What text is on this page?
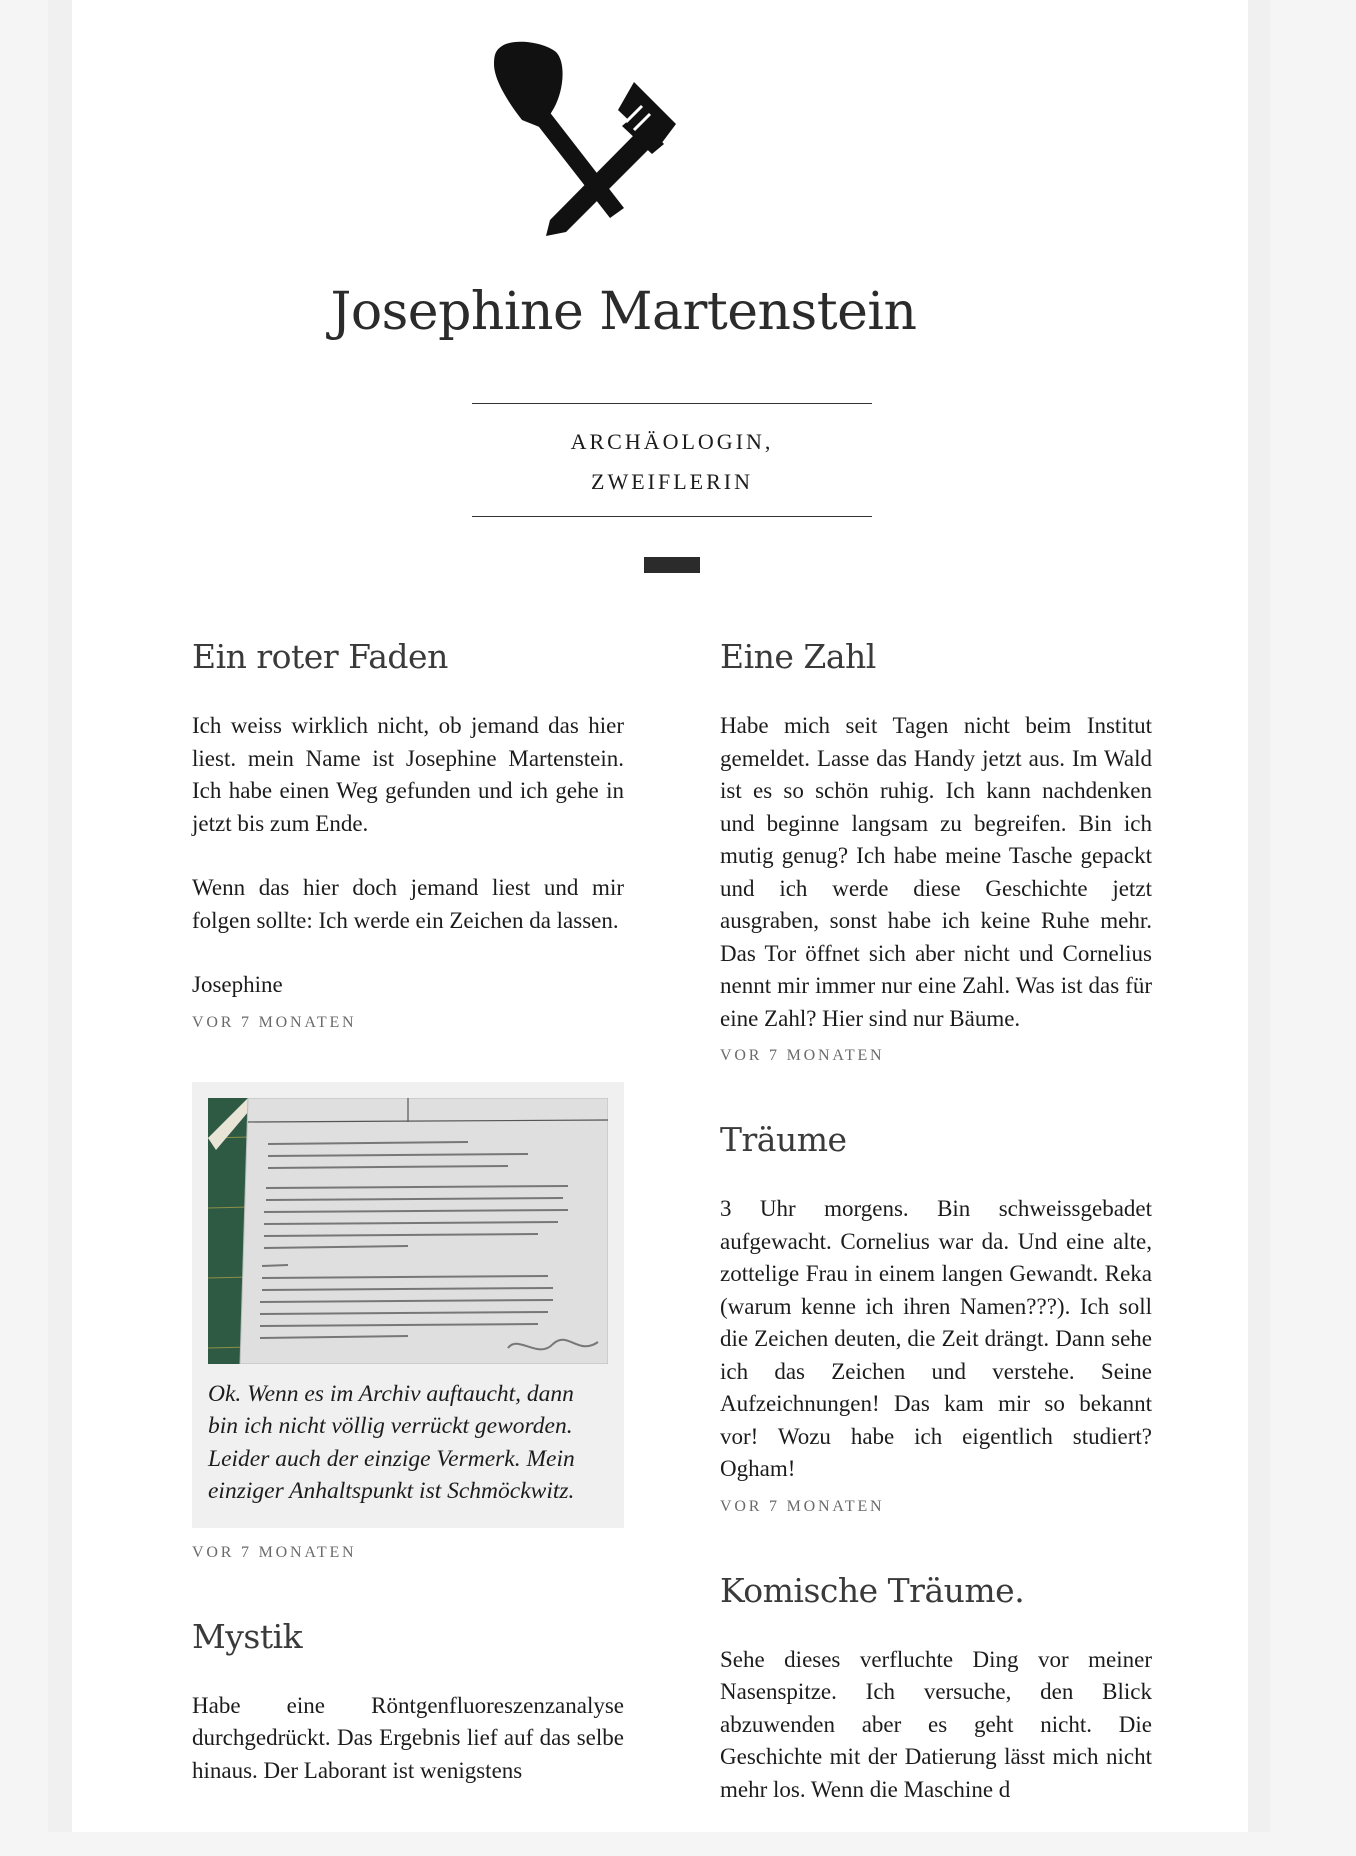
Josephine Martenstein
ARCHÄOLOGIN,
ZWEIFLERIN
Ein roter Faden

Ich weiss wirklich nicht, ob jemand das hier liest. mein Name ist Josephine Martenstein. Ich habe einen Weg gefunden und ich gehe in jetzt bis zum Ende.

Wenn das hier doch jemand liest und mir folgen sollte: Ich werde ein Zeichen da lassen.

Josephine

VOR 7 MONATEN
Ok. Wenn es im Archiv auftaucht, dann bin ich nicht völlig verrückt geworden. Leider auch der einzige Vermerk. Mein einziger Anhaltspunkt ist Schmöckwitz.
VOR 7 MONATEN
Mystik

Habe eine Röntgenfluoreszenzanalyse durchgedrückt. Das Ergebnis lief auf das selbe hinaus. Der Laborant ist wenigstens

Eine Zahl

Habe mich seit Tagen nicht beim Institut gemeldet. Lasse das Handy jetzt aus. Im Wald ist es so schön ruhig. Ich kann nachdenken und beginne langsam zu begreifen. Bin ich mutig genug? Ich habe meine Tasche gepackt und ich werde diese Geschichte jetzt ausgraben, sonst habe ich keine Ruhe mehr. Das Tor öffnet sich aber nicht und Cornelius nennt mir immer nur eine Zahl. Was ist das für eine Zahl? Hier sind nur Bäume.

VOR 7 MONATEN
Träume

3 Uhr morgens. Bin schweissgebadet aufgewacht. Cornelius war da. Und eine alte, zottelige Frau in einem langen Gewandt. Reka (warum kenne ich ihren Namen???). Ich soll die Zeichen deuten, die Zeit drängt. Dann sehe ich das Zeichen und verstehe. Seine Aufzeichnungen! Das kam mir so bekannt vor! Wozu habe ich eigentlich studiert? Ogham!

VOR 7 MONATEN
Komische Träume.

Sehe dieses verfluchte Ding vor meiner Nasenspitze. Ich versuche, den Blick abzuwenden aber es geht nicht. Die Geschichte mit der Datierung lässt mich nicht mehr los. Wenn die Maschine d
